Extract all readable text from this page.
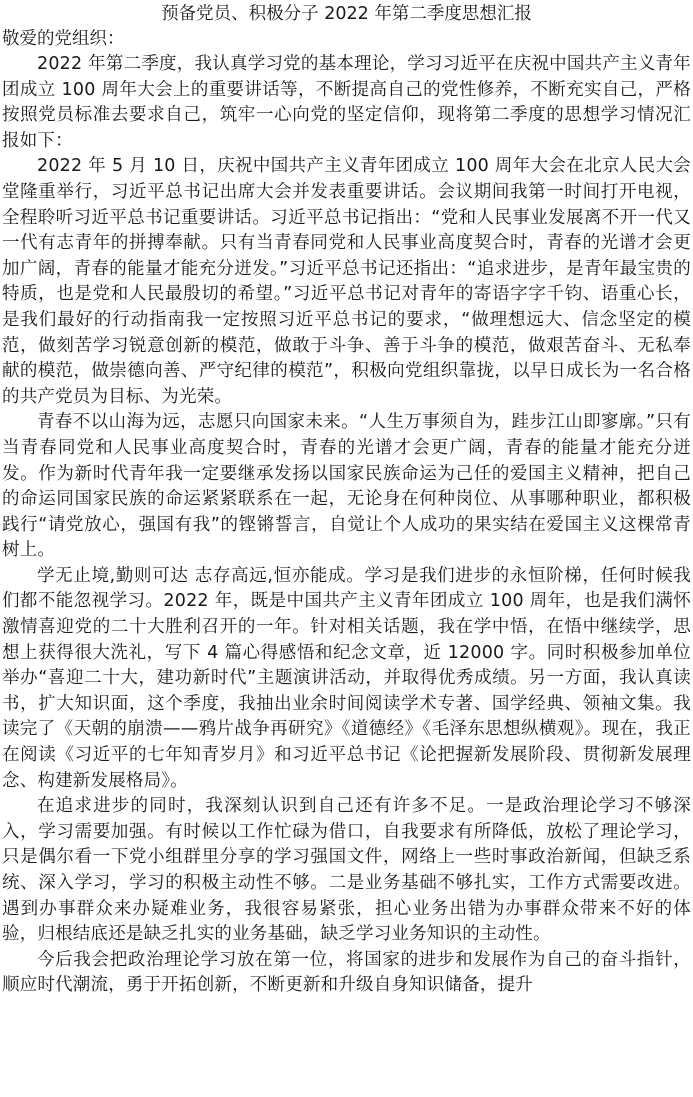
预备党员、积极分子 2022 年第二季度思想汇报

敬爱的党组织：

2022 年第二季度，我认真学习党的基本理论，学习习近平在庆祝中国共产主义青年团成立 100 周年大会上的重要讲话等，不断提高自己的党性修养，不断充实自己，严格按照党员标准去要求自己，筑牢一心向党的坚定信仰，现将第二季度的思想学习情况汇报如下：

2022 年 5 月 10 日，庆祝中国共产主义青年团成立 100 周年大会在北京人民大会堂隆重举行，习近平总书记出席大会并发表重要讲话。会议期间我第一时间打开电视，全程聆听习近平总书记重要讲话。习近平总书记指出：“党和人民事业发展离不开一代又一代有志青年的拼搏奉献。只有当青春同党和人民事业高度契合时，青春的光谱才会更加广阔，青春的能量才能充分迸发。”习近平总书记还指出：“追求进步，是青年最宝贵的特质，也是党和人民最殷切的希望。”习近平总书记对青年的寄语字字千钧、语重心长，是我们最好的行动指南我一定按照习近平总书记的要求，“做理想远大、信念坚定的模范，做刻苦学习锐意创新的模范，做敢于斗争、善于斗争的模范，做艰苦奋斗、无私奉献的模范，做崇德向善、严守纪律的模范”，积极向党组织靠拢，以早日成长为一名合格的共产党员为目标、为光荣。

青春不以山海为远，志愿只向国家未来。“人生万事须自为，跬步江山即寥廓。”只有当青春同党和人民事业高度契合时，青春的光谱才会更广阔，青春的能量才能充分迸发。作为新时代青年我一定要继承发扬以国家民族命运为己任的爱国主义精神，把自己的命运同国家民族的命运紧紧联系在一起，无论身在何种岗位、从事哪种职业，都积极践行“请党放心，强国有我”的铿锵誓言，自觉让个人成功的果实结在爱国主义这棵常青树上。

学无止境,勤则可达 志存高远,恒亦能成。学习是我们进步的永恒阶梯，任何时候我们都不能忽视学习。2022 年，既是中国共产主义青年团成立 100 周年，也是我们满怀激情喜迎党的二十大胜利召开的一年。针对相关话题，我在学中悟，在悟中继续学，思想上获得很大洗礼，写下 4 篇心得感悟和纪念文章，近 12000 字。同时积极参加单位举办“喜迎二十大，建功新时代”主题演讲活动，并取得优秀成绩。另一方面，我认真读书，扩大知识面，这个季度，我抽出业余时间阅读学术专著、国学经典、领袖文集。我读完了《天朝的崩溃——鸦片战争再研究》《道德经》《毛泽东思想纵横观》。现在，我正在阅读《习近平的七年知青岁月》和习近平总书记《论把握新发展阶段、贯彻新发展理念、构建新发展格局》。

在追求进步的同时，我深刻认识到自己还有许多不足。一是政治理论学习不够深入，学习需要加强。有时候以工作忙碌为借口，自我要求有所降低，放松了理论学习，只是偶尔看一下党小组群里分享的学习强国文件，网络上一些时事政治新闻，但缺乏系统、深入学习，学习的积极主动性不够。二是业务基础不够扎实，工作方式需要改进。遇到办事群众来办疑难业务，我很容易紧张，担心业务出错为办事群众带来不好的体验，归根结底还是缺乏扎实的业务基础，缺乏学习业务知识的主动性。

今后我会把政治理论学习放在第一位，将国家的进步和发展作为自己的奋斗指针，顺应时代潮流，勇于开拓创新，不断更新和升级自身知识储备，提升
